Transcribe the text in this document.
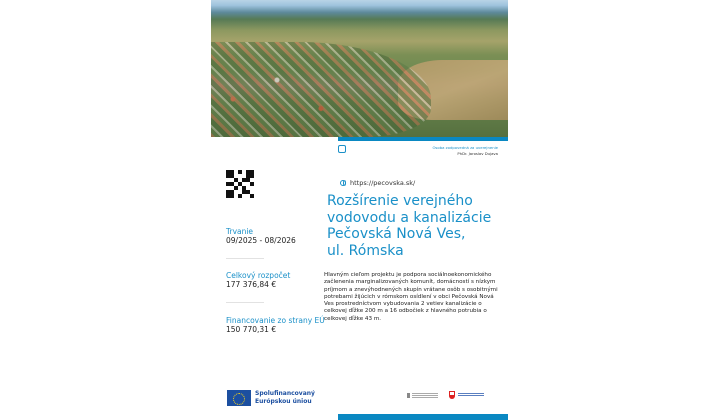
Osoba zodpovedná za uverejnenie
PhDr. Jaroslav Dujava
Trvanie
09/2025 - 08/2026
Celkový rozpočet
177 376,84 €
Financovanie zo strany EÚ
150 770,31 €
https://pecovska.sk/
Rozšírenie verejného
vodovodu a kanalizácie
Pečovská Nová Ves,
ul. Rómska
Hlavným cieľom projektu je podpora sociálnoekonomického začlenenia marginalizovaných komunít, domácností s nízkym príjmom a znevýhodnených skupín vrátane osôb s osobitnými potrebami žijúcich v rómskom osídlení v obci Pečovská Nová Ves prostredníctvom vybudovania 2 vetiev kanalizácie o celkovej dĺžke 200 m a 16 odbočiek z hlavného potrubia o celkovej dĺžke 43 m.
Spolufinancovaný
Európskou úniou
